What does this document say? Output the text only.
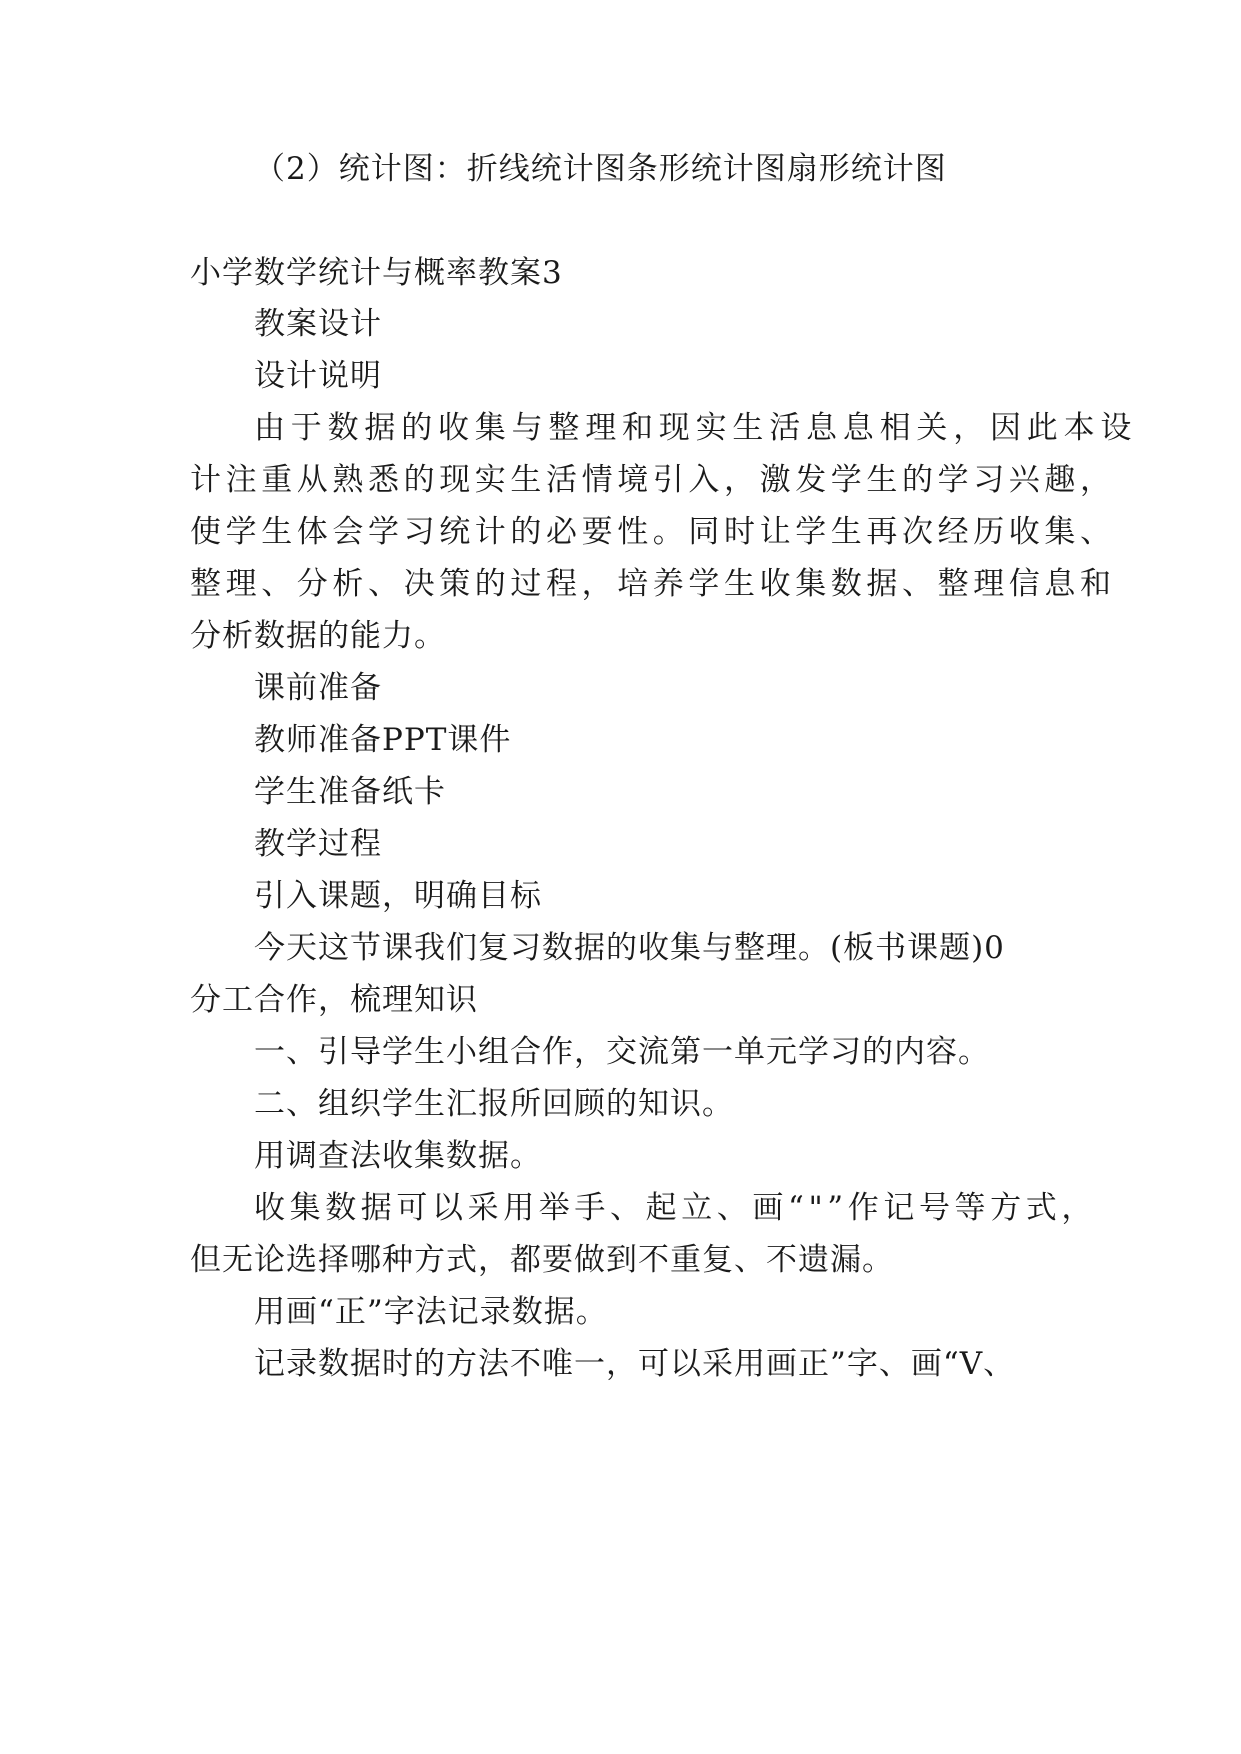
（2）统计图：折线统计图条形统计图扇形统计图
小学数学统计与概率教案3
教案设计
设计说明
由于数据的收集与整理和现实生活息息相关，因此本设
计注重从熟悉的现实生活情境引入，激发学生的学习兴趣，
使学生体会学习统计的必要性。同时让学生再次经历收集、
整理、分析、决策的过程，培养学生收集数据、整理信息和
分析数据的能力。
课前准备
教师准备PPT课件
学生准备纸卡
教学过程
引入课题，明确目标
今天这节课我们复习数据的收集与整理。(板书课题)0
分工合作，梳理知识
一、引导学生小组合作，交流第一单元学习的内容。
二、组织学生汇报所回顾的知识。
用调查法收集数据。
收集数据可以采用举手、起立、画“"”作记号等方式，
但无论选择哪种方式，都要做到不重复、不遗漏。
用画“正”字法记录数据。
记录数据时的方法不唯一，可以采用画正”字、画“V、
